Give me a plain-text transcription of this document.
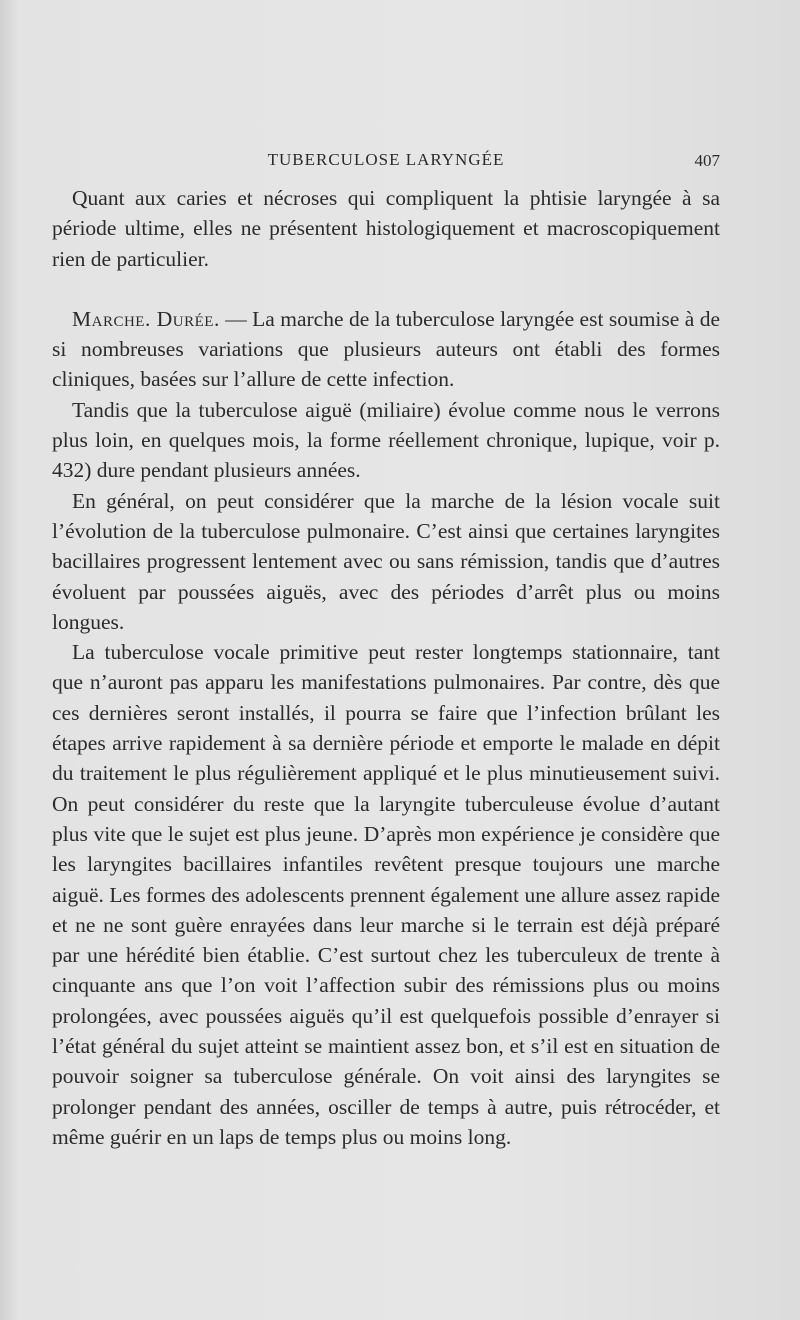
TUBERCULOSE LARYNGÉE	407

Quant aux caries et nécroses qui compliquent la phtisie laryngée à sa période ultime, elles ne présentent histologiquement et macroscopiquement rien de particulier.

Marche. Durée. — La marche de la tuberculose laryngée est soumise à de si nombreuses variations que plusieurs auteurs ont établi des formes cliniques, basées sur l’allure de cette infection.

Tandis que la tuberculose aiguë (miliaire) évolue comme nous le verrons plus loin, en quelques mois, la forme réellement chronique, lupique, voir p. 432) dure pendant plusieurs années.

En général, on peut considérer que la marche de la lésion vocale suit l’évolution de la tuberculose pulmonaire. C’est ainsi que certaines laryngites bacillaires progressent lentement avec ou sans rémission, tandis que d’autres évoluent par poussées aiguës, avec des périodes d’arrêt plus ou moins longues.

La tuberculose vocale primitive peut rester longtemps stationnaire, tant que n’auront pas apparu les manifestations pulmonaires. Par contre, dès que ces dernières seront installés, il pourra se faire que l’infection brûlant les étapes arrive rapidement à sa dernière période et emporte le malade en dépit du traitement le plus régulièrement appliqué et le plus minutieusement suivi. On peut considérer du reste que la laryngite tuberculeuse évolue d’autant plus vite que le sujet est plus jeune. D’après mon expérience je considère que les laryngites bacillaires infantiles revêtent presque toujours une marche aiguë. Les formes des adolescents prennent également une allure assez rapide et ne ne sont guère enrayées dans leur marche si le terrain est déjà préparé par une hérédité bien établie. C’est surtout chez les tuberculeux de trente à cinquante ans que l’on voit l’affection subir des rémissions plus ou moins prolongées, avec poussées aiguës qu’il est quelquefois possible d’enrayer si l’état général du sujet atteint se maintient assez bon, et s’il est en situation de pouvoir soigner sa tuberculose générale. On voit ainsi des laryngites se prolonger pendant des années, osciller de temps à autre, puis rétrocéder, et même guérir en un laps de temps plus ou moins long.
